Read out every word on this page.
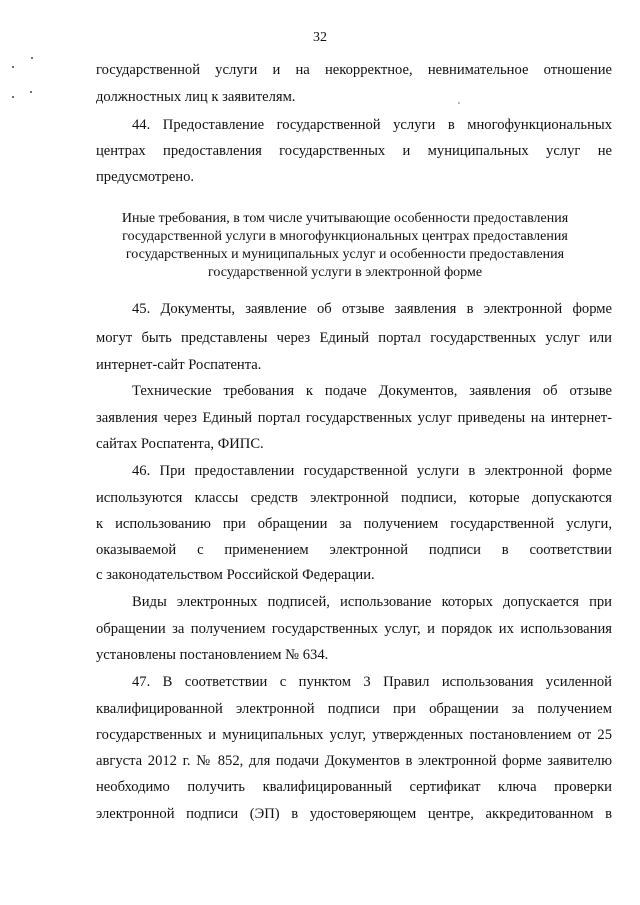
32
государственной услуги и на некорректное, невнимательное отношение
должностных лиц к заявителям.
44. Предоставление государственной услуги в многофункциональных
центрах предоставления государственных и муниципальных услуг не
предусмотрено.
Иные требования, в том числе учитывающие особенности предоставления
государственной услуги в многофункциональных центрах предоставления
государственных и муниципальных услуг и особенности предоставления
государственной услуги в электронной форме
45. Документы, заявление об отзыве заявления в электронной форме
могут быть представлены через Единый портал государственных услуг или
интернет-сайт Роспатента.
Технические требования к подаче Документов, заявления об отзыве
заявления через Единый портал государственных услуг приведены на интернет-
сайтах Роспатента, ФИПС.
46. При предоставлении государственной услуги в электронной форме
используются классы средств электронной подписи, которые допускаются
к использованию при обращении за получением государственной услуги,
оказываемой с применением электронной подписи в соответствии
с законодательством Российской Федерации.
Виды электронных подписей, использование которых допускается при
обращении за получением государственных услуг, и порядок их использования
установлены постановлением № 634.
47. В соответствии с пунктом 3 Правил использования усиленной
квалифицированной электронной подписи при обращении за получением
государственных и муниципальных услуг, утвержденных постановлением от 25
августа 2012 г. № 852, для подачи Документов в электронной форме заявителю
необходимо получить квалифицированный сертификат ключа проверки
электронной подписи (ЭП) в удостоверяющем центре, аккредитованном в
